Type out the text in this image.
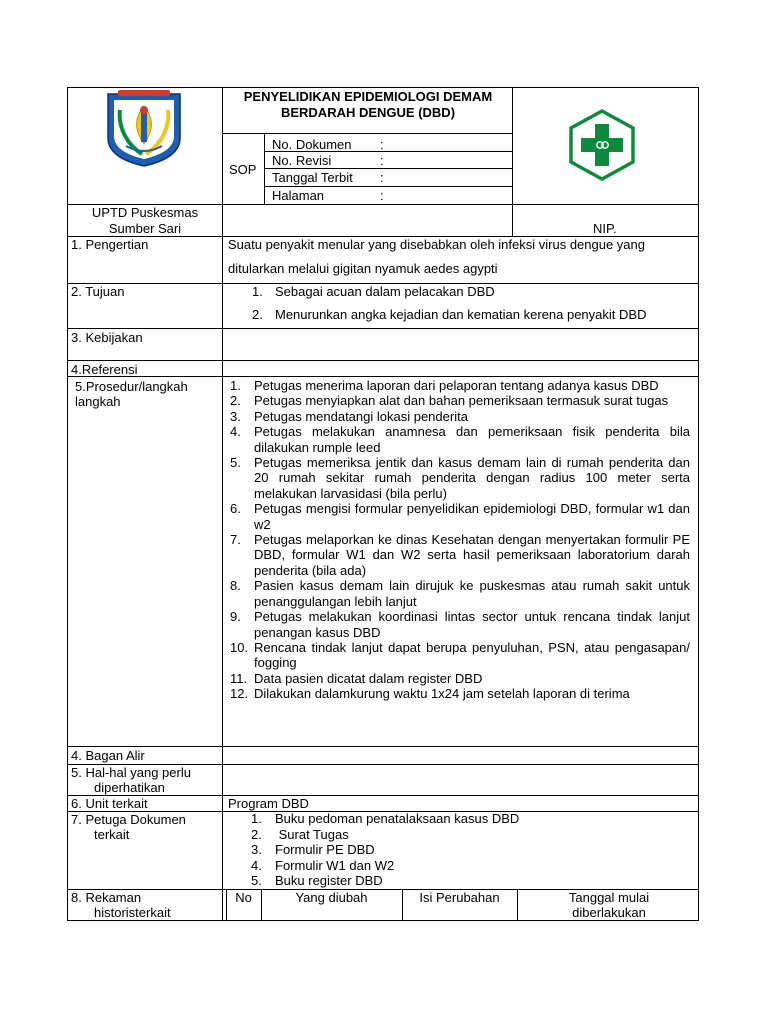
PENYELIDIKAN EPIDEMIOLOGI DEMAM BERDARAH DENGUE (DBD)
SOP
No. Dokumen :
No. Revisi	:
Tanggal Terbit :
Halaman	:
UPTD Puskesmas
Sumber Sari	NIP.
1. Pengertian	Suatu penyakit menular yang disebabkan oleh infeksi virus dengue yang
ditularkan melalui gigitan nyamuk aedes agypti
2. Tujuan	1. Sebagai acuan dalam pelacakan DBD
2. Menurunkan angka kejadian dan kematian kerena penyakit DBD
3. Kebijakan
4.Referensi
5.Prosedur/langkah
langkah
1. Petugas menerima laporan dari pelaporan tentang adanya kasus DBD
2. Petugas menyiapkan alat dan bahan pemeriksaan termasuk surat tugas
3. Petugas mendatangi lokasi penderita
4. Petugas melakukan anamnesa dan pemeriksaan fisik penderita bila dilakukan rumple leed
5. Petugas memeriksa jentik dan kasus demam lain di rumah penderita dan 20 rumah sekitar rumah penderita dengan radius 100 meter serta melakukan larvasidasi (bila perlu)
6. Petugas mengisi formular penyelidikan epidemiologi DBD, formular w1 dan w2
7. Petugas melaporkan ke dinas Kesehatan dengan menyertakan formulir PE DBD, formular W1 dan W2 serta hasil pemeriksaan laboratorium darah penderita (bila ada)
8. Pasien kasus demam lain dirujuk ke puskesmas atau rumah sakit untuk penanggulangan lebih lanjut
9. Petugas melakukan koordinasi lintas sector untuk rencana tindak lanjut penangan kasus DBD
10. Rencana tindak lanjut dapat berupa penyuluhan, PSN, atau pengasapan/ fogging
11. Data pasien dicatat dalam register DBD
12. Dilakukan dalamkurung waktu 1x24 jam setelah laporan di terima
4. Bagan Alir
5. Hal-hal yang perlu
diperhatikan
6. Unit terkait	Program DBD
7. Petuga Dokumen
terkait
1. Buku pedoman penatalaksaan kasus DBD
2. Surat Tugas
3. Formulir PE DBD
4. Formulir W1 dan W2
5. Buku register DBD
8. Rekaman
historisterkait
No	Yang diubah	Isi Perubahan	Tanggal mulai diberlakukan
